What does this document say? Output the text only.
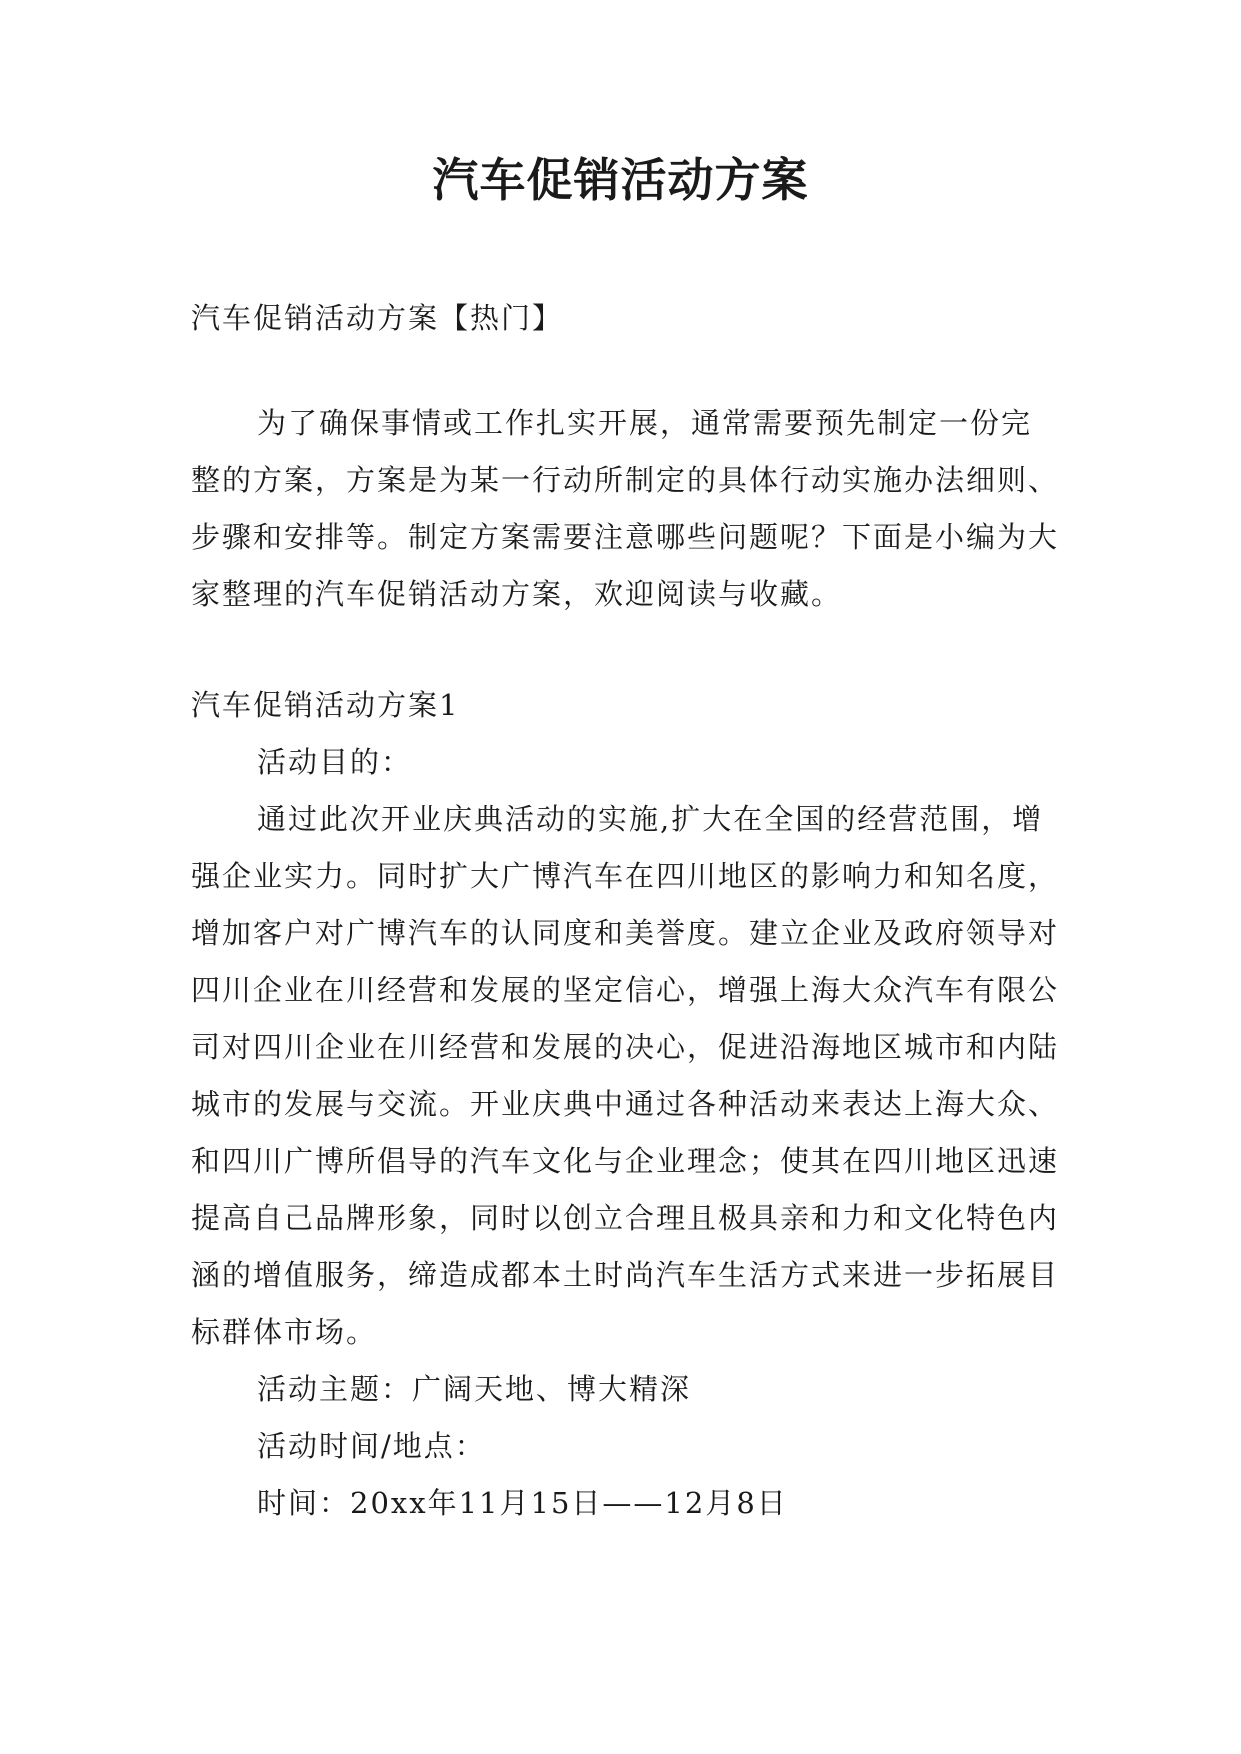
汽车促销活动方案

汽车促销活动方案【热门】

为了确保事情或工作扎实开展，通常需要预先制定一份完整的方案，方案是为某一行动所制定的具体行动实施办法细则、步骤和安排等。制定方案需要注意哪些问题呢？下面是小编为大家整理的汽车促销活动方案，欢迎阅读与收藏。

汽车促销活动方案1

活动目的：

通过此次开业庆典活动的实施,扩大在全国的经营范围，增强企业实力。同时扩大广博汽车在四川地区的影响力和知名度，增加客户对广博汽车的认同度和美誉度。建立企业及政府领导对四川企业在川经营和发展的坚定信心，增强上海大众汽车有限公司对四川企业在川经营和发展的决心，促进沿海地区城市和内陆城市的发展与交流。开业庆典中通过各种活动来表达上海大众、和四川广博所倡导的汽车文化与企业理念；使其在四川地区迅速提高自己品牌形象，同时以创立合理且极具亲和力和文化特色内涵的增值服务，缔造成都本土时尚汽车生活方式来进一步拓展目标群体市场。

活动主题：广阔天地、博大精深

活动时间/地点：

时间：20xx年11月15日——12月8日
